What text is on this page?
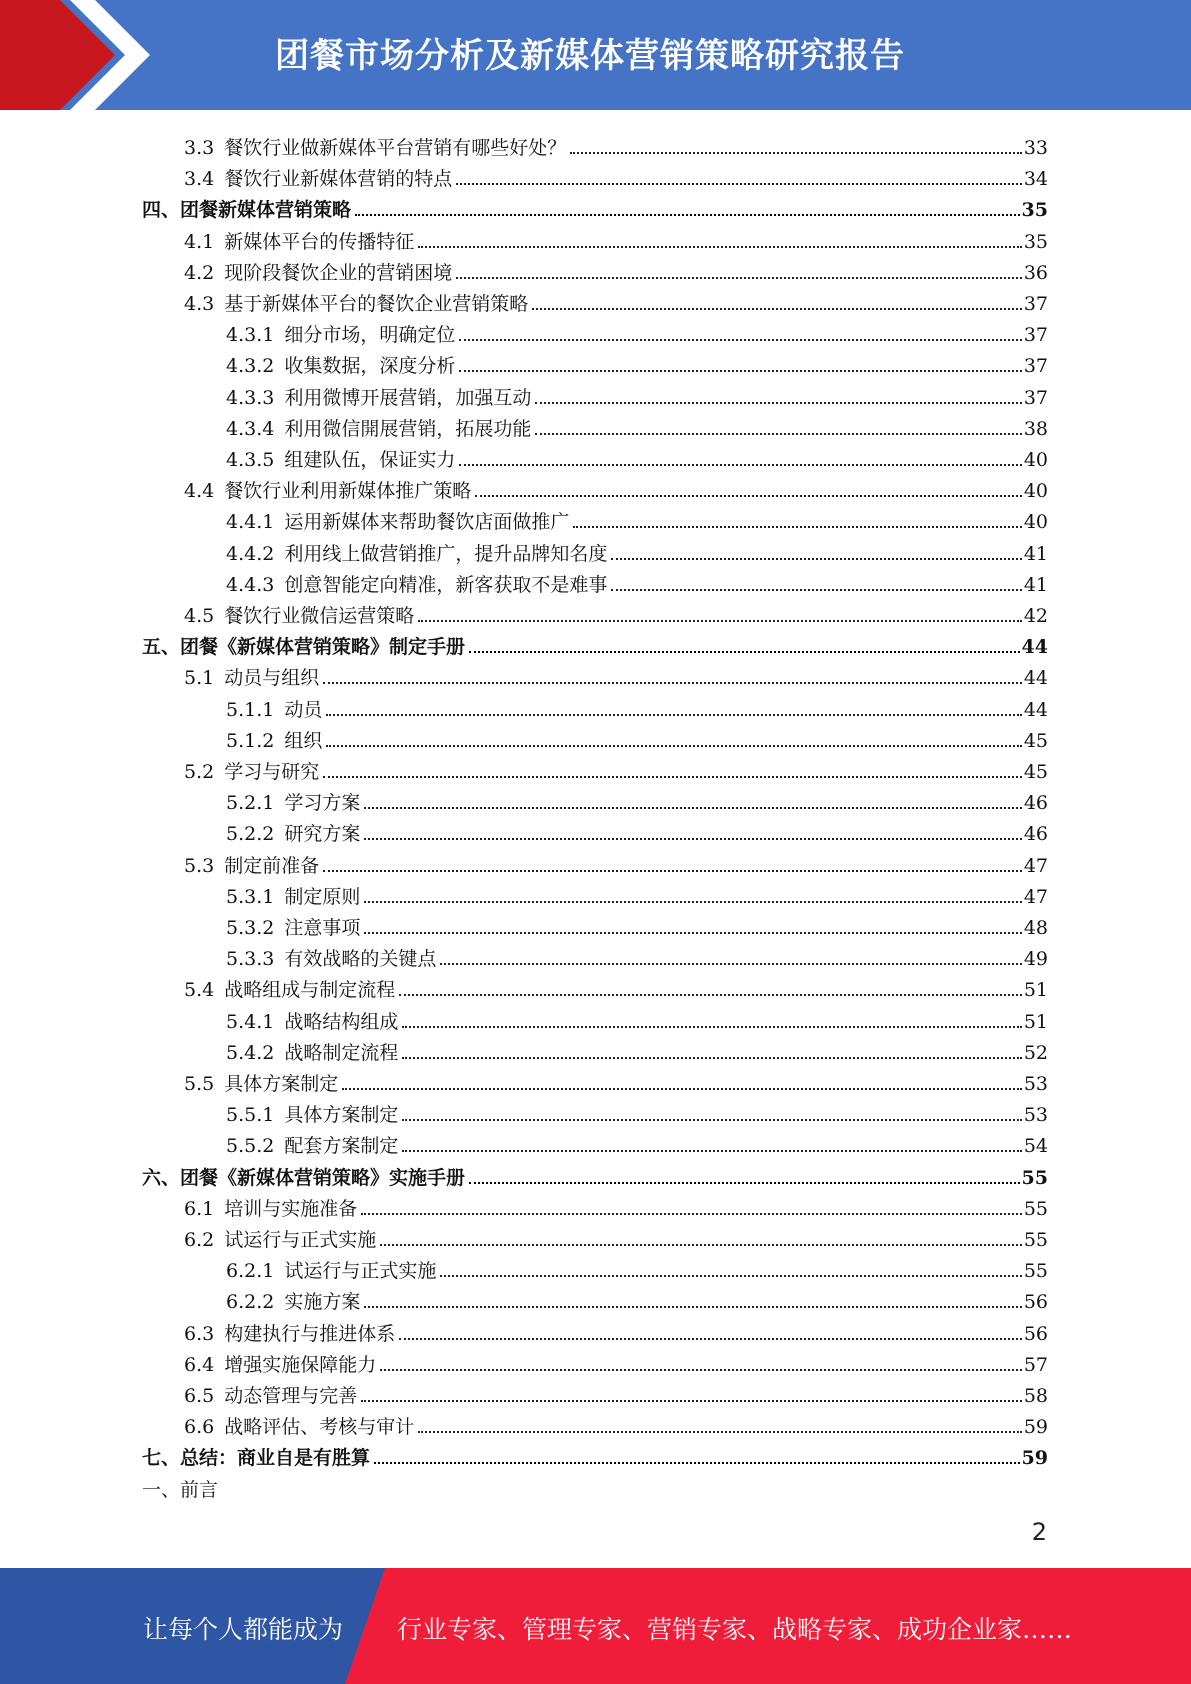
团餐市场分析及新媒体营销策略研究报告
3.3 餐饮行业做新媒体平台营销有哪些好处？	33
3.4 餐饮行业新媒体营销的特点	34
四、团餐新媒体营销策略	35
4.1 新媒体平台的传播特征	35
4.2 现阶段餐饮企业的营销困境	36
4.3 基于新媒体平台的餐饮企业营销策略	37
4.3.1 细分市场，明确定位	37
4.3.2 收集数据，深度分析	37
4.3.3 利用微博开展营销，加强互动	37
4.3.4 利用微信開展营销，拓展功能	38
4.3.5 组建队伍，保证实力	40
4.4 餐饮行业利用新媒体推广策略	40
4.4.1 运用新媒体来帮助餐饮店面做推广	40
4.4.2 利用线上做营销推广，提升品牌知名度	41
4.4.3 创意智能定向精准，新客获取不是难事	41
4.5 餐饮行业微信运营策略	42
五、团餐《新媒体营销策略》制定手册	44
5.1 动员与组织	44
5.1.1 动员	44
5.1.2 组织	45
5.2 学习与研究	45
5.2.1 学习方案	46
5.2.2 研究方案	46
5.3 制定前准备	47
5.3.1 制定原则	47
5.3.2 注意事项	48
5.3.3 有效战略的关键点	49
5.4 战略组成与制定流程	51
5.4.1 战略结构组成	51
5.4.2 战略制定流程	52
5.5 具体方案制定	53
5.5.1 具体方案制定	53
5.5.2 配套方案制定	54
六、团餐《新媒体营销策略》实施手册	55
6.1 培训与实施准备	55
6.2 试运行与正式实施	55
6.2.1 试运行与正式实施	55
6.2.2 实施方案	56
6.3 构建执行与推进体系	56
6.4 增强实施保障能力	57
6.5 动态管理与完善	58
6.6 战略评估、考核与审计	59
七、总结：商业自是有胜算	59
一、前言
2
让每个人都能成为 行业专家、管理专家、营销专家、战略专家、成功企业家……
